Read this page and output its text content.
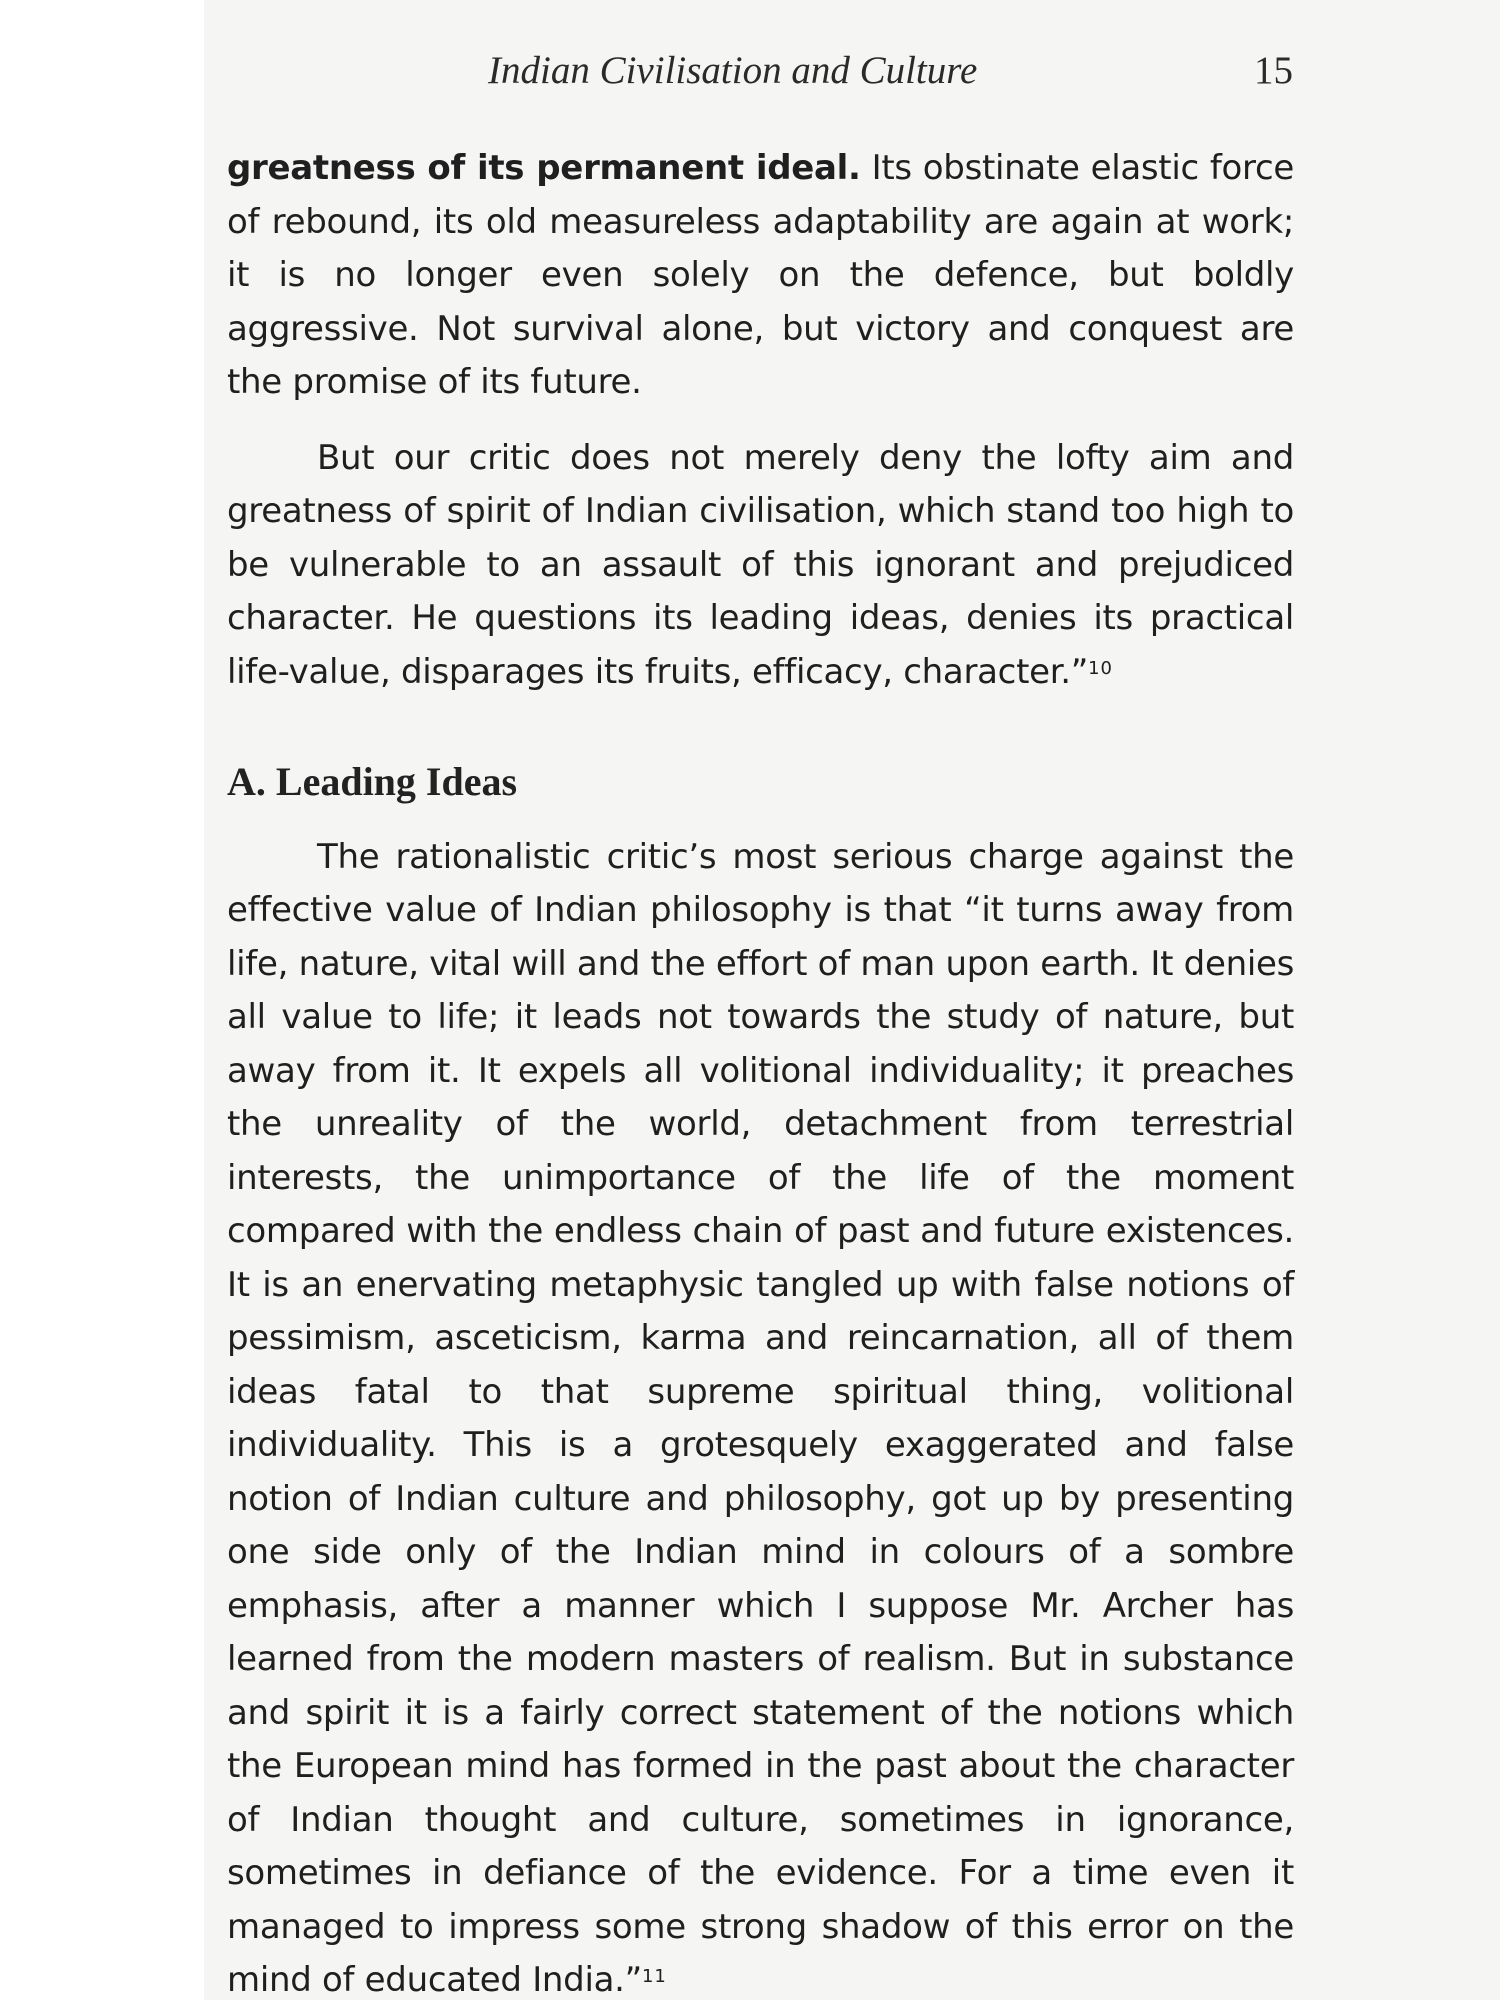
Indian Civilisation and Culture	15

greatness of its permanent ideal. Its obstinate elastic force of rebound, its old measureless adaptability are again at work; it is no longer even solely on the defence, but boldly aggressive. Not survival alone, but victory and conquest are the promise of its future.

But our critic does not merely deny the lofty aim and greatness of spirit of Indian civilisation, which stand too high to be vulnerable to an assault of this ignorant and prejudiced character. He questions its leading ideas, denies its practical life-value, disparages its fruits, efficacy, character.”$^{10}$

A. Leading Ideas

The rationalistic critic’s most serious charge against the effective value of Indian philosophy is that “it turns away from life, nature, vital will and the effort of man upon earth. It denies all value to life; it leads not towards the study of nature, but away from it. It expels all volitional individuality; it preaches the unreality of the world, detachment from terrestrial interests, the unimportance of the life of the moment compared with the endless chain of past and future existences. It is an enervating metaphysic tangled up with false notions of pessimism, asceticism, karma and reincarnation, all of them ideas fatal to that supreme spiritual thing, volitional individuality. This is a grotesquely exaggerated and false notion of Indian culture and philosophy, got up by presenting one side only of the Indian mind in colours of a sombre emphasis, after a manner which I suppose Mr. Archer has learned from the modern masters of realism. But in substance and spirit it is a fairly correct statement of the notions which the European mind has formed in the past about the character of Indian thought and culture, sometimes in ignorance, sometimes in defiance of the evidence. For a time even it managed to impress some strong shadow of this error on the mind of educated India.”$^{11}$
